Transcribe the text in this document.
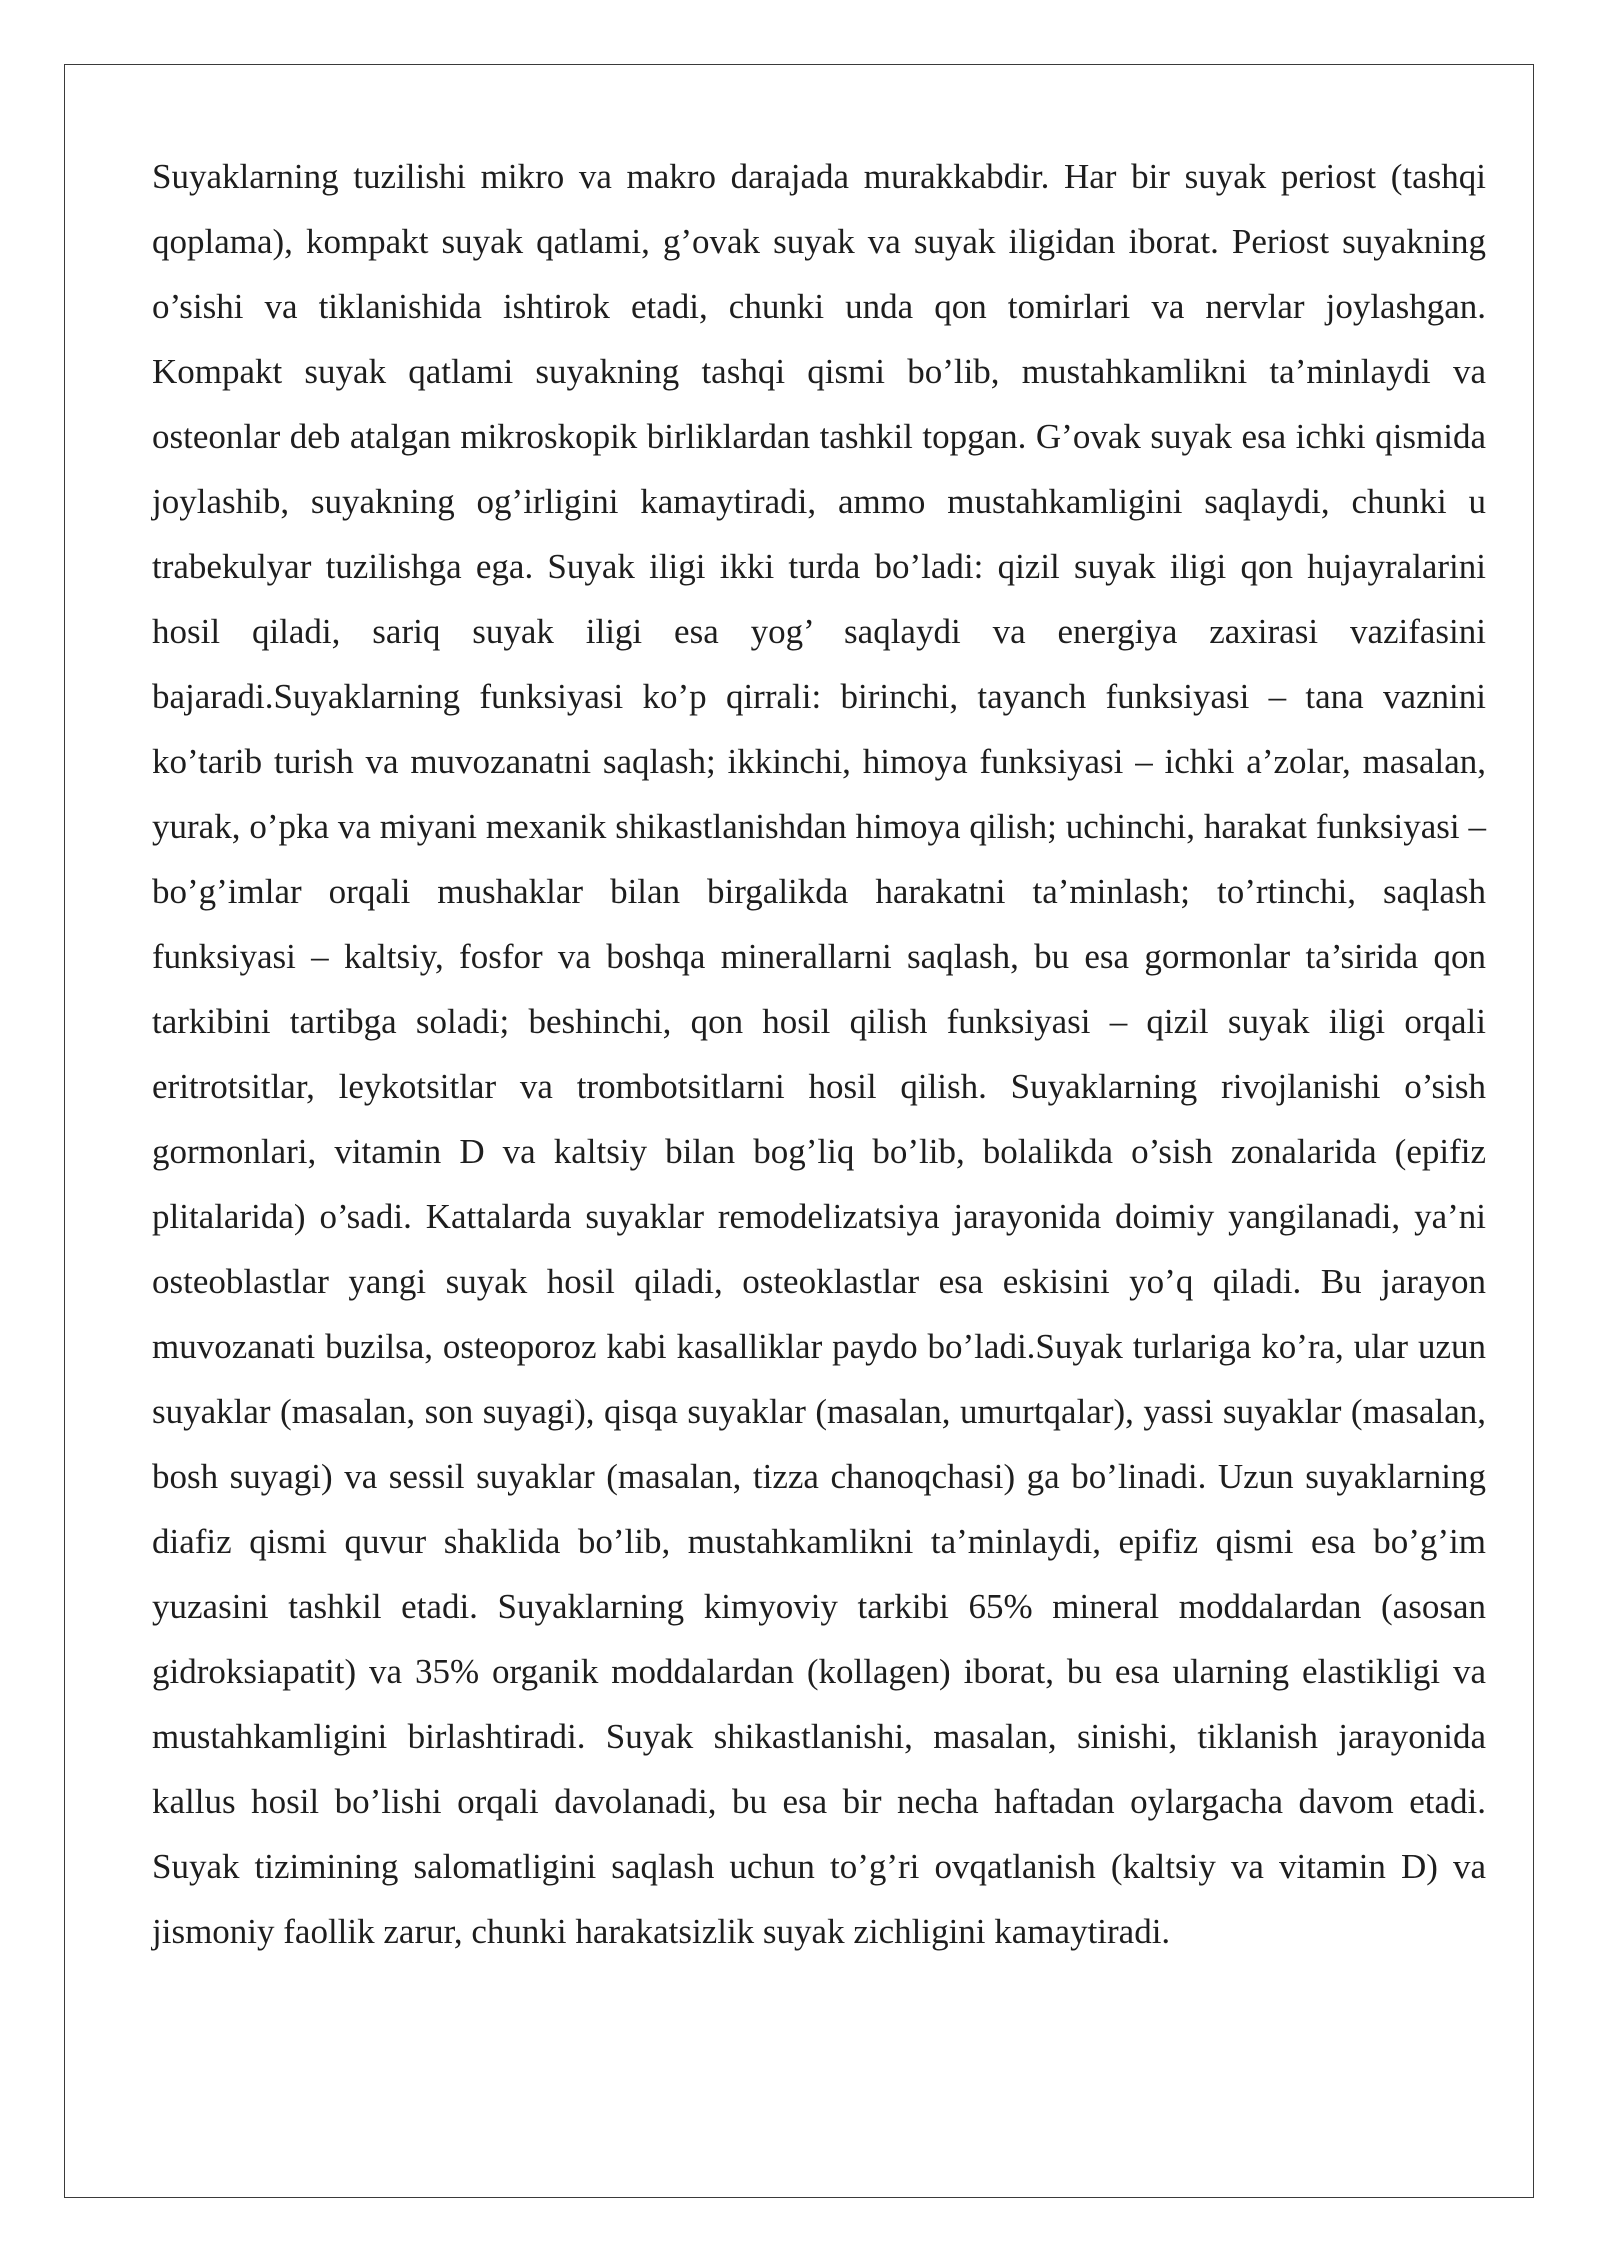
Suyaklarning tuzilishi mikro va makro darajada murakkabdir. Har bir suyak periost (tashqi qoplama), kompakt suyak qatlami, g’ovak suyak va suyak iligidan iborat. Periost suyakning o’sishi va tiklanishida ishtirok etadi, chunki unda qon tomirlari va nervlar joylashgan. Kompakt suyak qatlami suyakning tashqi qismi bo’lib, mustahkamlikni ta’minlaydi va osteonlar deb atalgan mikroskopik birliklardan tashkil topgan. G’ovak suyak esa ichki qismida joylashib, suyakning og’irligini kamaytiradi, ammo mustahkamligini saqlaydi, chunki u trabekulyar tuzilishga ega. Suyak iligi ikki turda bo’ladi: qizil suyak iligi qon hujayralarini hosil qiladi, sariq suyak iligi esa yog’ saqlaydi va energiya zaxirasi vazifasini bajaradi.Suyaklarning funksiyasi ko’p qirrali: birinchi, tayanch funksiyasi – tana vaznini ko’tarib turish va muvozanatni saqlash; ikkinchi, himoya funksiyasi – ichki a’zolar, masalan, yurak, o’pka va miyani mexanik shikastlanishdan himoya qilish; uchinchi, harakat funksiyasi – bo’g’imlar orqali mushaklar bilan birgalikda harakatni ta’minlash; to’rtinchi, saqlash funksiyasi – kaltsiy, fosfor va boshqa minerallarni saqlash, bu esa gormonlar ta’sirida qon tarkibini tartibga soladi; beshinchi, qon hosil qilish funksiyasi – qizil suyak iligi orqali eritrotsitlar, leykotsitlar va trombotsitlarni hosil qilish. Suyaklarning rivojlanishi o’sish gormonlari, vitamin D va kaltsiy bilan bog’liq bo’lib, bolalikda o’sish zonalarida (epifiz plitalarida) o’sadi. Kattalarda suyaklar remodelizatsiya jarayonida doimiy yangilanadi, ya’ni osteoblastlar yangi suyak hosil qiladi, osteoklastlar esa eskisini yo’q qiladi. Bu jarayon muvozanati buzilsa, osteoporoz kabi kasalliklar paydo bo’ladi.Suyak turlariga ko’ra, ular uzun suyaklar (masalan, son suyagi), qisqa suyaklar (masalan, umurtqalar), yassi suyaklar (masalan, bosh suyagi) va sessil suyaklar (masalan, tizza chanoqchasi) ga bo’linadi. Uzun suyaklarning diafiz qismi quvur shaklida bo’lib, mustahkamlikni ta’minlaydi, epifiz qismi esa bo’g’im yuzasini tashkil etadi. Suyaklarning kimyoviy tarkibi 65% mineral moddalardan (asosan gidroksiapatit) va 35% organik moddalardan (kollagen) iborat, bu esa ularning elastikligi va mustahkamligini birlashtiradi. Suyak shikastlanishi, masalan, sinishi, tiklanish jarayonida kallus hosil bo’lishi orqali davolanadi, bu esa bir necha haftadan oylargacha davom etadi. Suyak tizimining salomatligini saqlash uchun to’g’ri ovqatlanish (kaltsiy va vitamin D) va jismoniy faollik zarur, chunki harakatsizlik suyak zichligini kamaytiradi.
